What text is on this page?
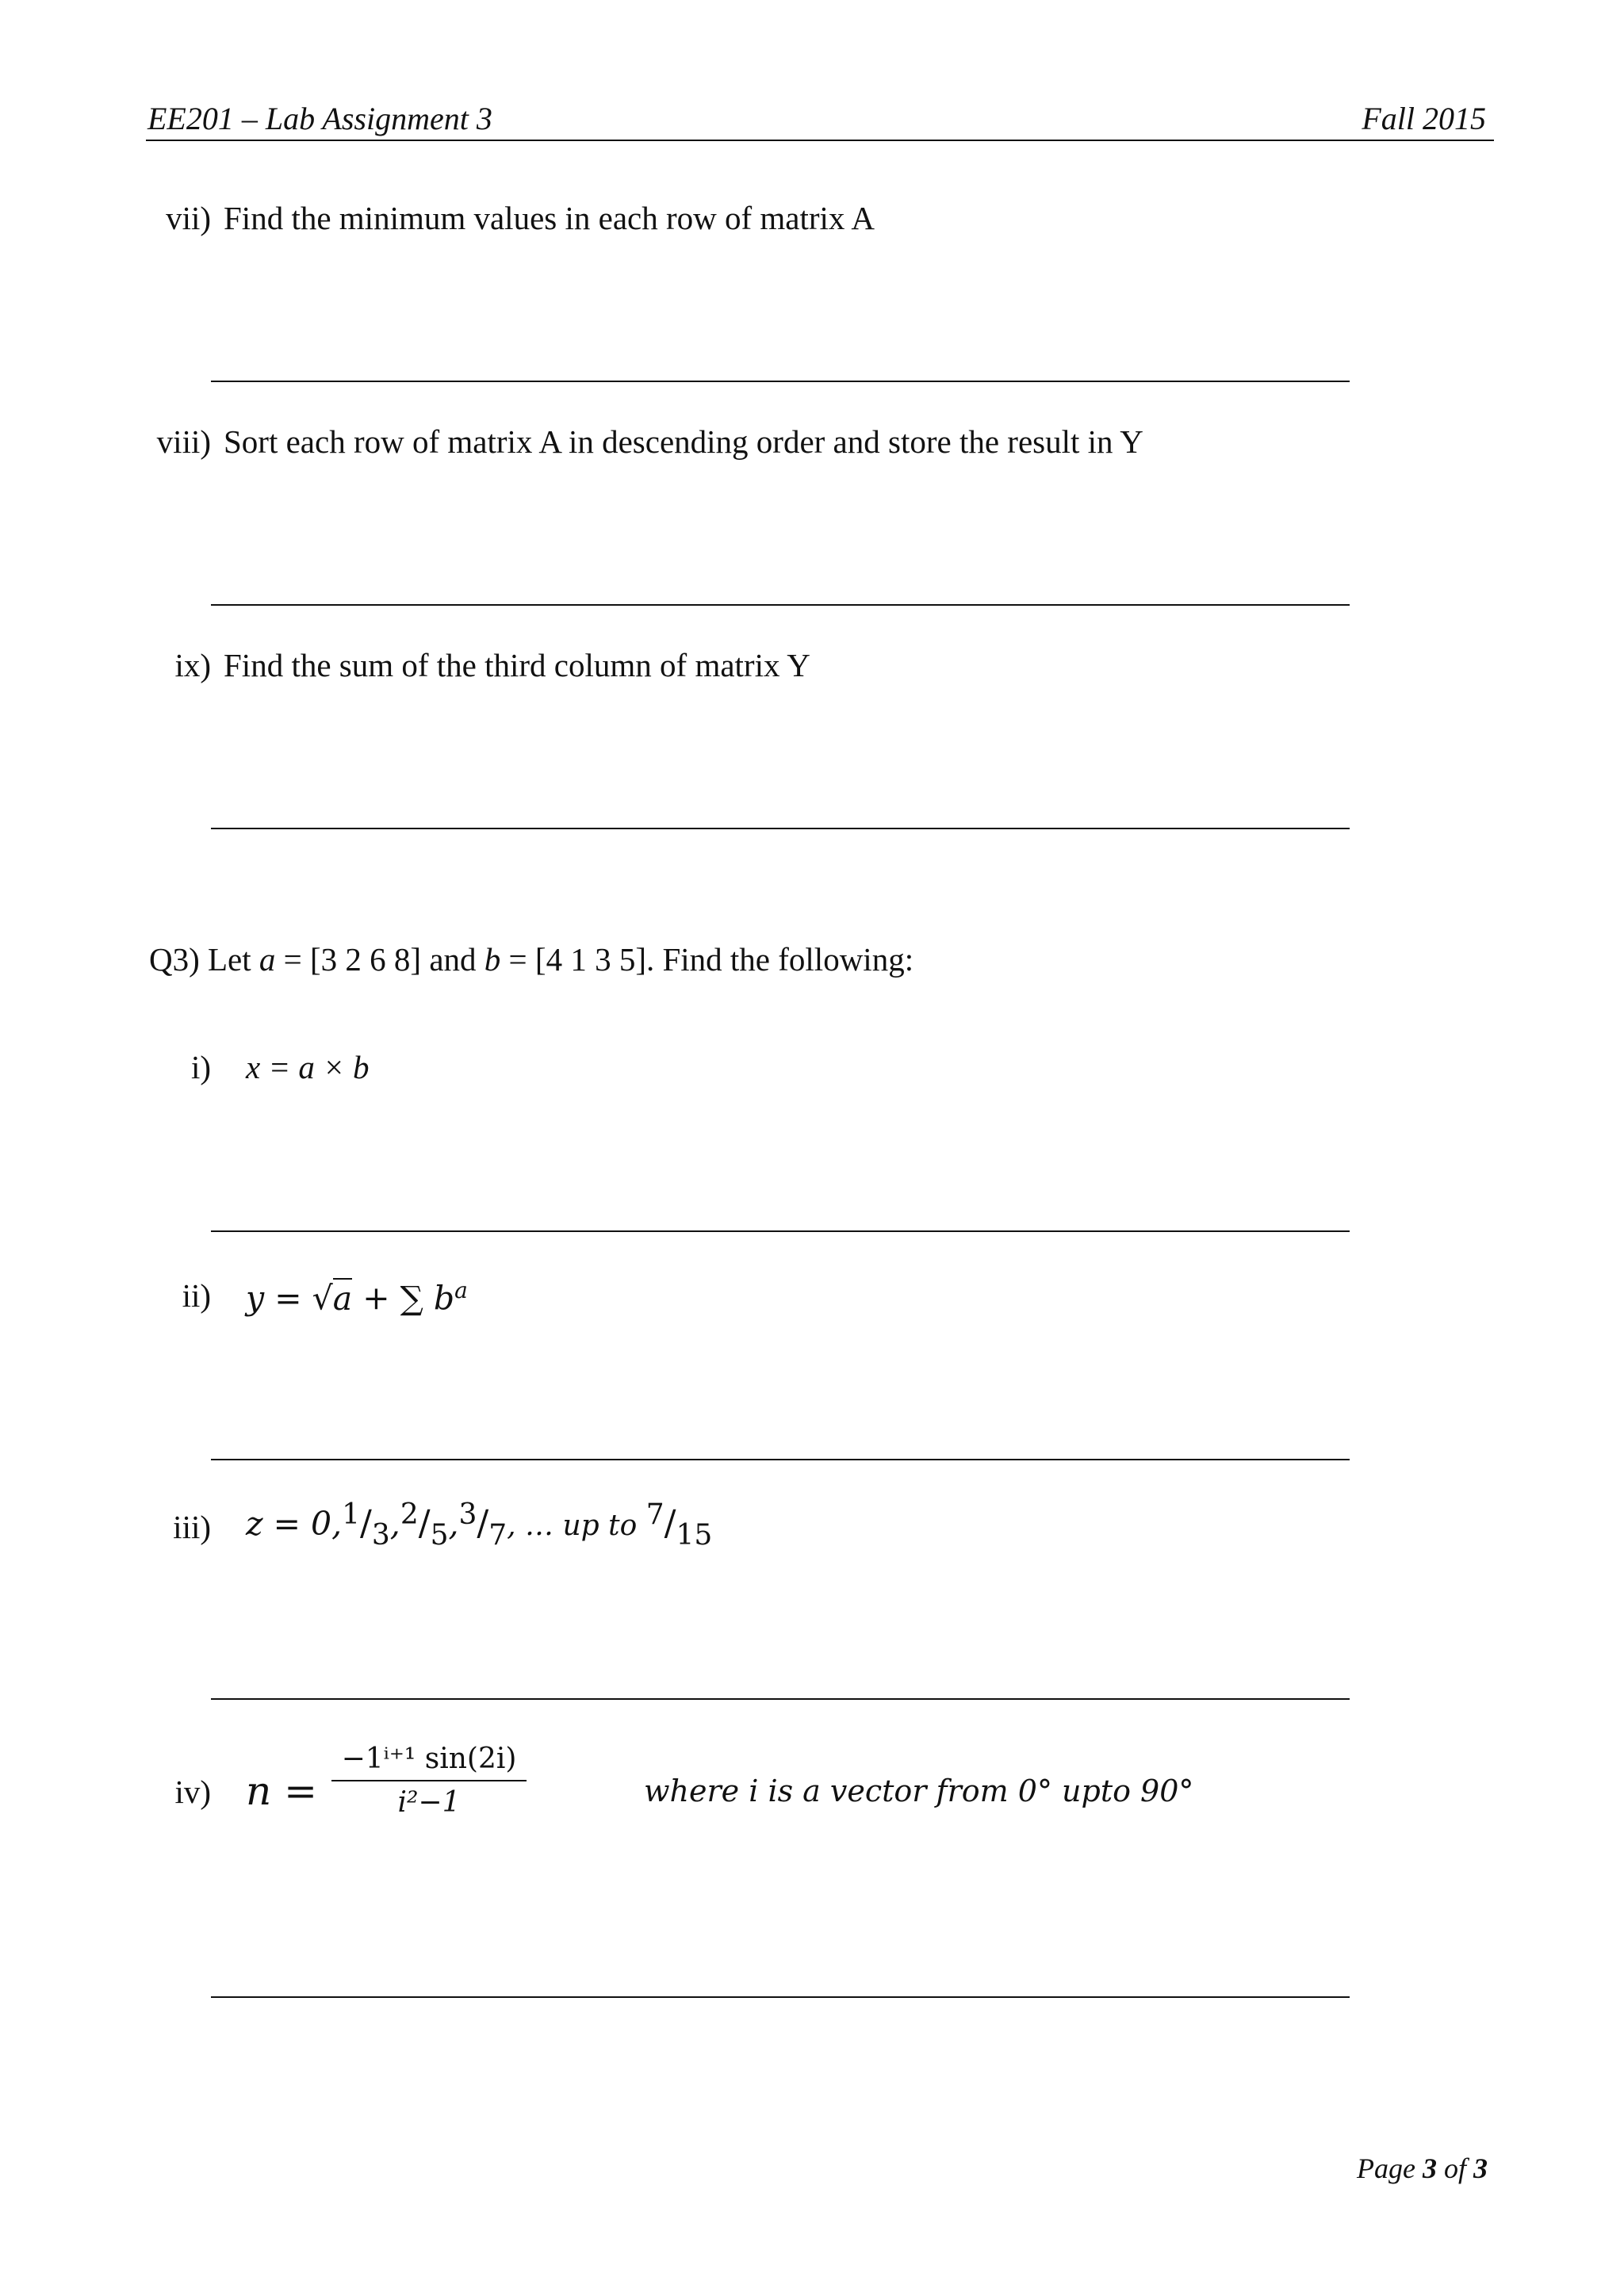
EE201 – Lab Assignment 3	Fall 2015
vii) Find the minimum values in each row of matrix A
viii) Sort each row of matrix A in descending order and store the result in Y
ix) Find the sum of the third column of matrix Y
Q3) Let a = [3 2 6 8] and b = [4 1 3 5]. Find the following:
i) x = a × b
ii) y = √a + ∑ $b^a$
iii) z = 0,1/3,2/5,3/7, … up to 7/15
iv) n =	where i is a vector from 0° upto 90°
−1ⁱ⁺¹ sin(2i)
i²−1
Page 3 of 3
